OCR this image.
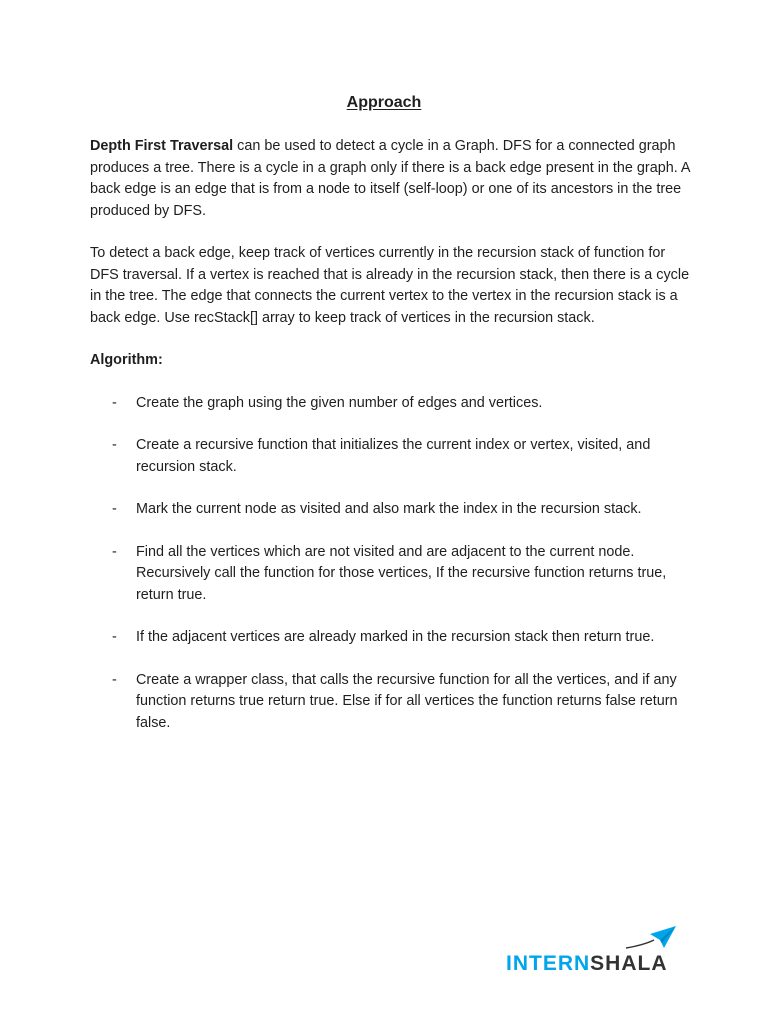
Approach

Depth First Traversal can be used to detect a cycle in a Graph. DFS for a connected graph produces a tree. There is a cycle in a graph only if there is a back edge present in the graph. A back edge is an edge that is from a node to itself (self-loop) or one of its ancestors in the tree produced by DFS.

To detect a back edge, keep track of vertices currently in the recursion stack of function for DFS traversal. If a vertex is reached that is already in the recursion stack, then there is a cycle in the tree. The edge that connects the current vertex to the vertex in the recursion stack is a back edge. Use recStack[] array to keep track of vertices in the recursion stack.

Algorithm:

- Create the graph using the given number of edges and vertices.
- Create a recursive function that initializes the current index or vertex, visited, and recursion stack.
- Mark the current node as visited and also mark the index in the recursion stack.
- Find all the vertices which are not visited and are adjacent to the current node. Recursively call the function for those vertices, If the recursive function returns true, return true.
- If the adjacent vertices are already marked in the recursion stack then return true.
- Create a wrapper class, that calls the recursive function for all the vertices, and if any function returns true return true. Else if for all vertices the function returns false return false.
INTERNSHALA
